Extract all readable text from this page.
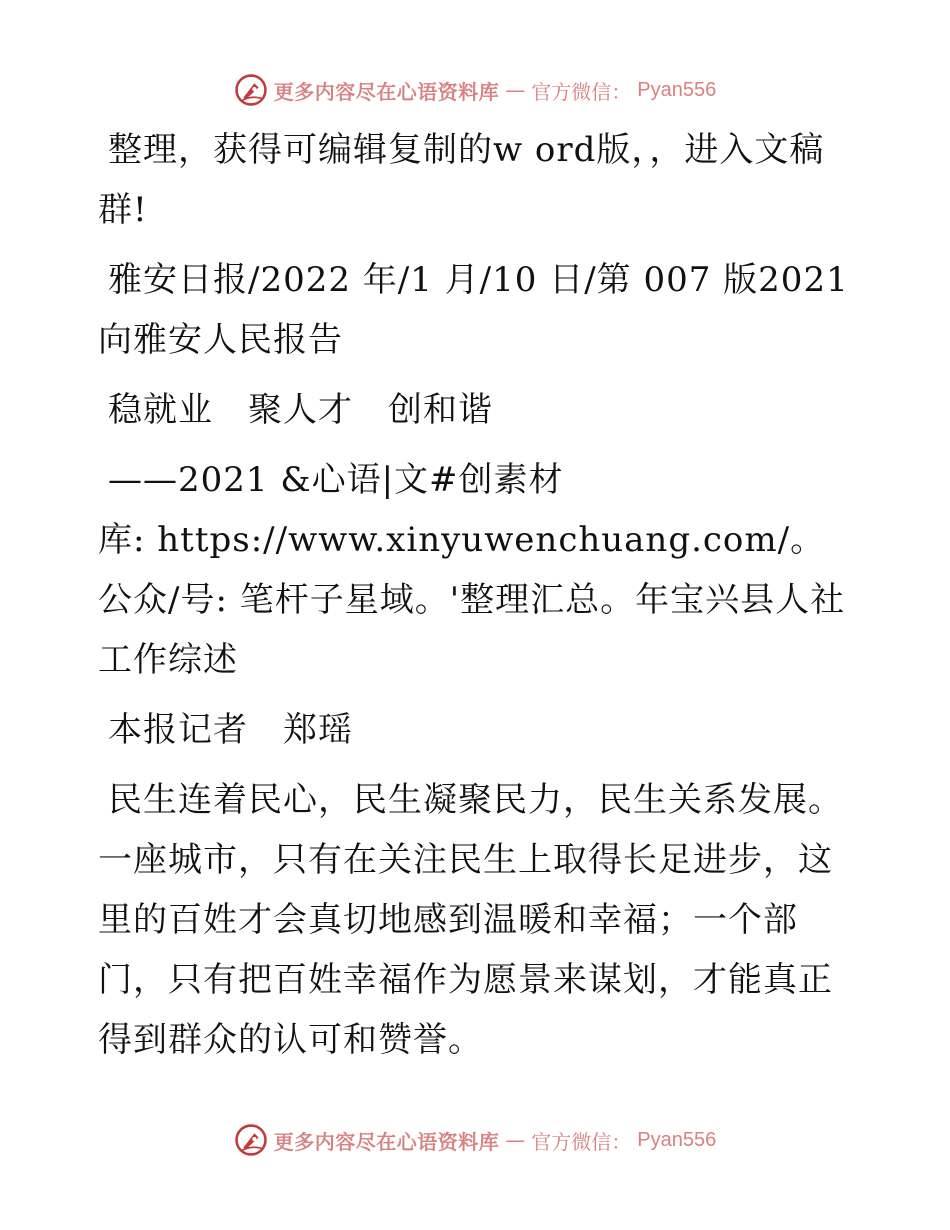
更多内容尽在心语资料库 — 官方微信： Pyan556

整理，获得可编辑复制的w ord版，，进入文稿群!

雅安日报/2022 年/1 月/10 日/第 007 版2021向雅安人民报告

稳就业　聚人才　创和谐

——2021 &心语|文#创素材

库: https://www.xinyuwenchuang.com/。公众/号: 笔杆子星域。'整理汇总。年宝兴县人社工作综述

本报记者　郑瑶

民生连着民心，民生凝聚民力，民生关系发展。一座城市，只有在关注民生上取得长足进步，这里的百姓才会真切地感到温暖和幸福；一个部门，只有把百姓幸福作为愿景来谋划，才能真正得到群众的认可和赞誉。

更多内容尽在心语资料库 — 官方微信： Pyan556
